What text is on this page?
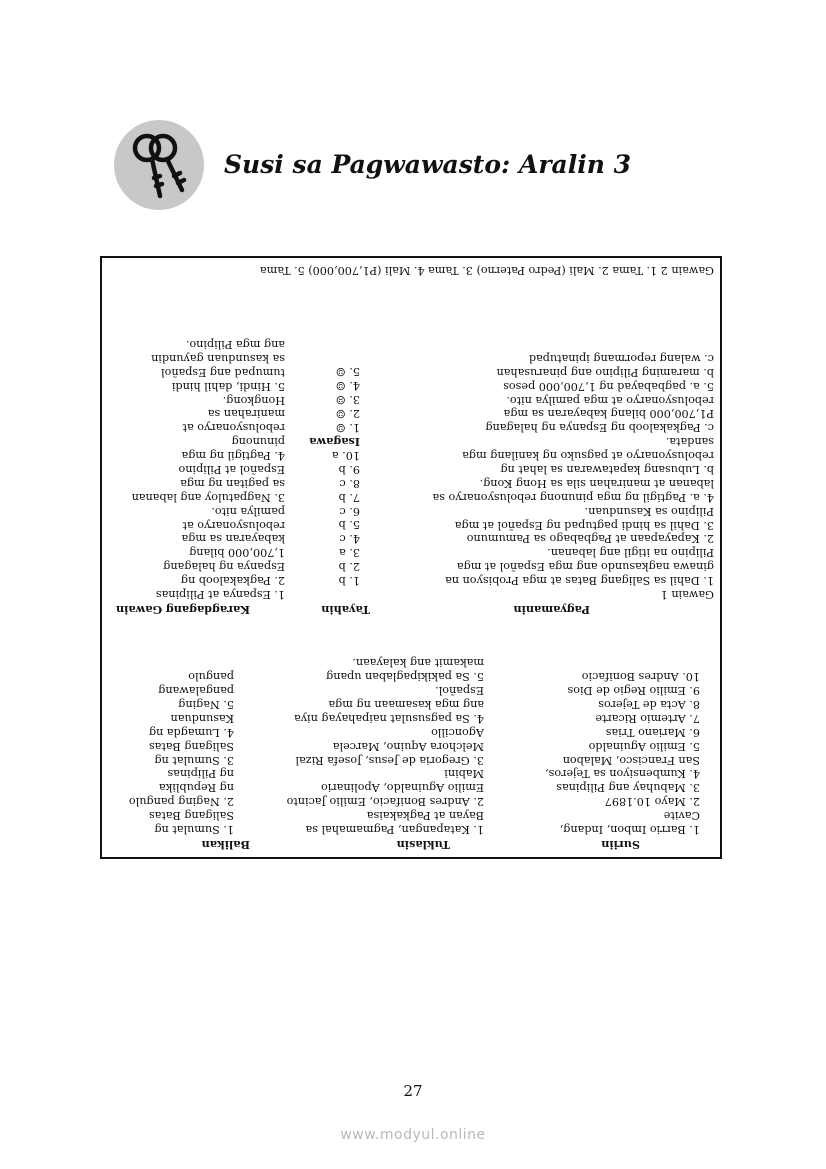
Susi sa Pagwawasto: Aralin 3
Balikan	Tuklasin	Suriin
1. Barrio Imbon, Indang,
Cavite
2. Mayo 10.1897
3. Mabuhay ang Pilipinas
4. Kumbensiyon sa Tejeros,
San Francisco, Malabon
5. Emilio Aguinaldo
6. Mariano Trias
7. Artemio Ricarte
8. Acta de Tejeros
9. Emilio Regio de Dios
10. Andres Bonifacio
1. Katapangan, Pagmamahal sa
Bayan at Pagkakaisa
2. Andres Bonifacio, Emilio Jacinto
Emilio Aguinaldo, Apolinario
Mabini
3. Gregoria de Jesus, Josefa Rizal
Melchora Aquino, Marcela
Agoncillo
4. Sa pagsusulat naipahayag niya
ang mga kasamaan ng mga
Español.
5. Sa pakikipaglaban upang
makamit ang kalayaan.
1. Sumulat ng
Saligang Batas
2. Naging pangulo
ng Republika
ng Pilipinas
3. Sumulat ng
Saligang Batas
4. Lumagda ng
Kasunduan
5. Naging
pangalawang
pangulo
Pagyamanin
Tayahin
Karagdagang Gawain
Gawain 1
1. Dahil sa Saligang Batas at mga Probisyon na
ginawa nagkasundo ang mga Español at mga
Pilipino na itigil ang labanan.
2. Kapayapaan at Pagbabago sa Pamumuno
3. Dahil sa hindi pagtupad ng Español at mga
Pilipino sa Kasunduan.
4. a. Pagtigil ng mga pinunong rebolusyonaryo sa
labanan at manirahan sila sa Hong Kong.
b. Lubusang kapatawaran sa lahat ng
rebolusyonaryo at pagsuko ng kanilang mga
sandata.
c. Pagkakaloob ng Espanya ng halagang
P1,700,000 bilang kabayaran sa mga
rebolusyonaryo at mga pamilya nito.
5. a. pagbabayad ng 1,700,000 pesos
b. maraming Pilipino ang pinarusahan
c. walang repormang ipinatupad
1. b
2. b
3. a
4. c
5. b
6. c
7. b
8. c
9. b
10. a
Isagawa
1. ☺
2. ☺
3. ☹
4. ☺
5. ☺
1. Espanya at Pilipinas
2. Pagkakaloob ng
Espanya ng halagang
1,700,000 bilang
kabayaran sa mga
rebolusyonaryo at
pamilya nito.
3. Nagpatuloy ang labanan
sa pagitan ng mga
Español at Pilipino
4. Pagtigil ng mga
pinunong
rebolusyonaryo at
manirahan sa
Hongkong.
5. Hindi, dahil hindi
tumupad ang Español
sa kasunduan gayundin
ang mga Pilipino.
Gawain 2 1. Tama 2. Mali (Pedro Paterno) 3. Tama 4. Mali (P1,700,000) 5. Tama
27
www.modyul.online
